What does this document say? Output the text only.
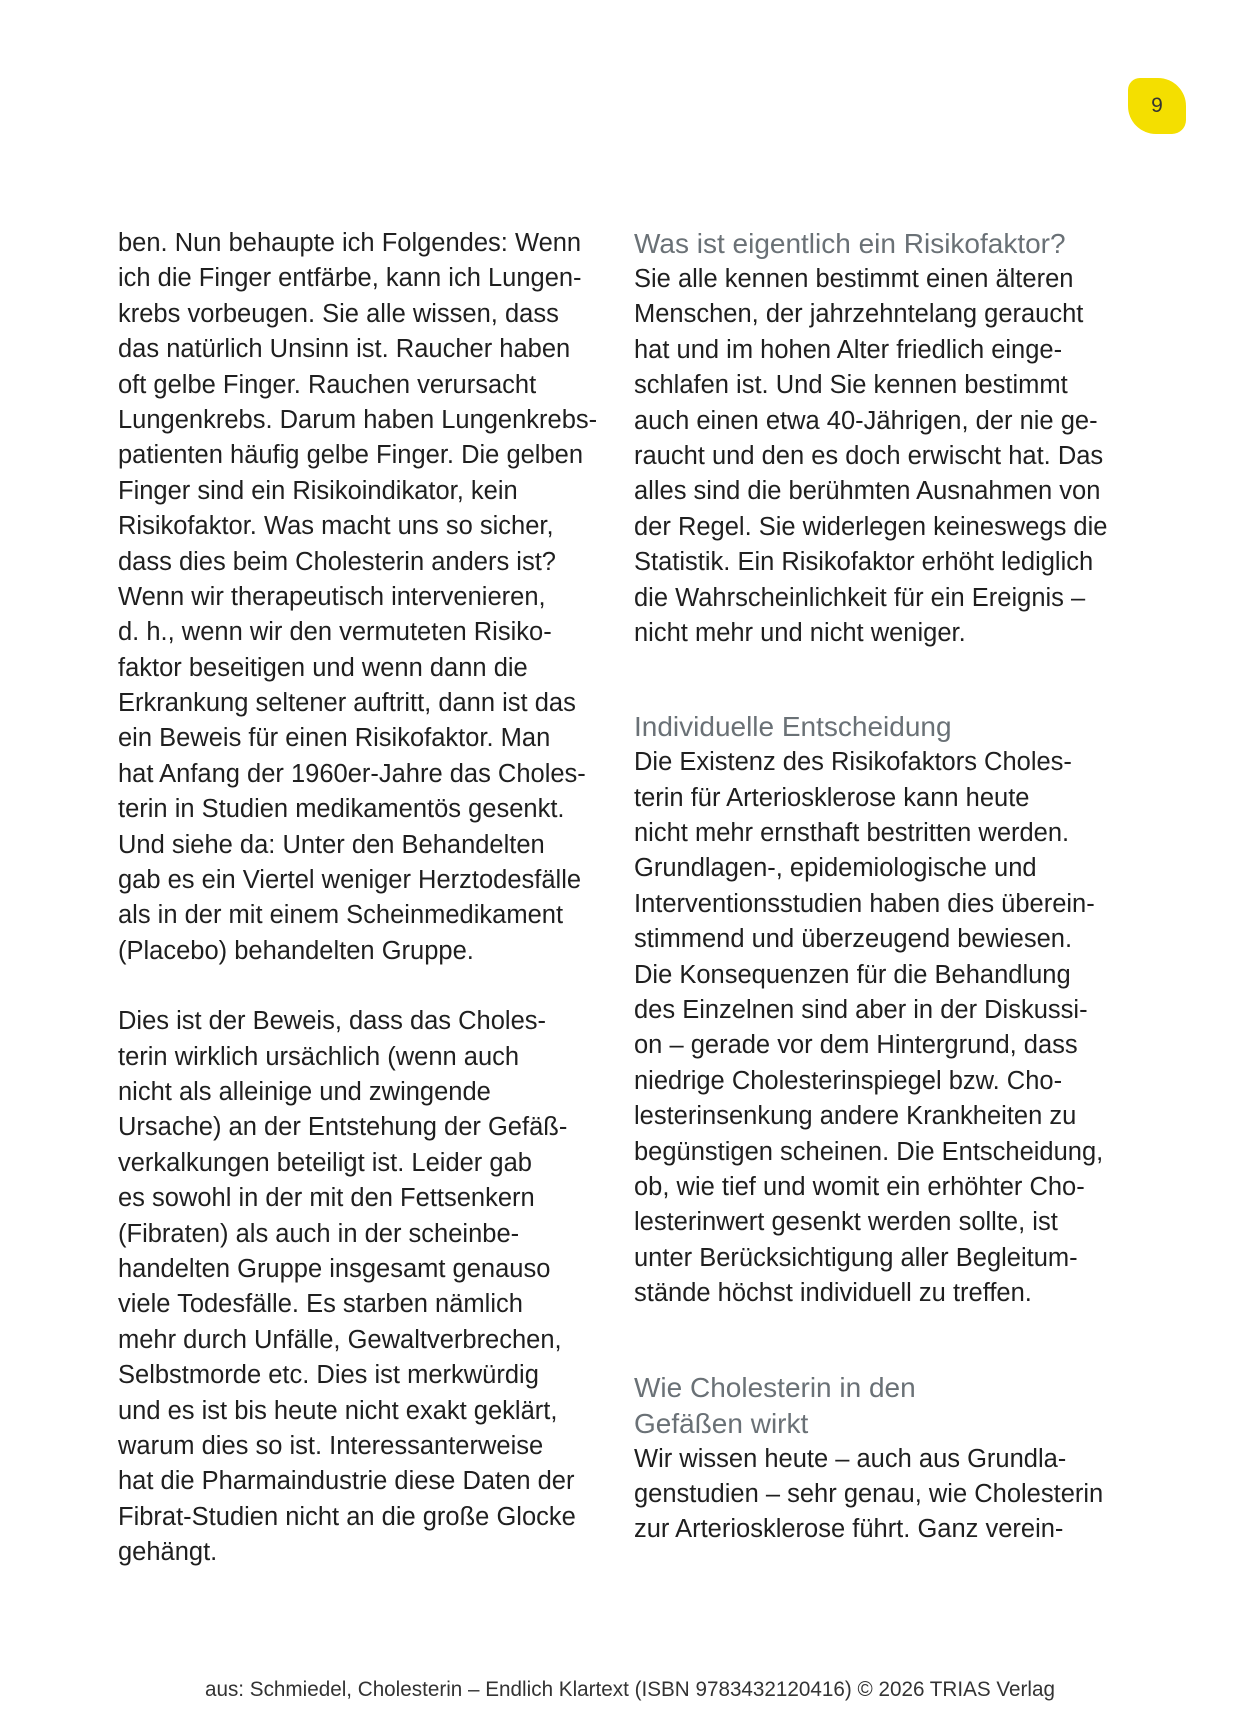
9
ben. Nun behaupte ich Folgendes: Wenn
ich die Finger entfärbe, kann ich Lungen-
krebs vorbeugen. Sie alle wissen, dass
das natürlich Unsinn ist. Raucher haben
oft gelbe Finger. Rauchen verursacht
Lungenkrebs. Darum haben Lungenkrebs-
patienten häufig gelbe Finger. Die gelben
Finger sind ein Risikoindikator, kein
Risikofaktor. Was macht uns so sicher,
dass dies beim Cholesterin anders ist?
Wenn wir therapeutisch intervenieren,
d. h., wenn wir den vermuteten Risiko-
faktor beseitigen und wenn dann die
Erkrankung seltener auftritt, dann ist das
ein Beweis für einen Risikofaktor. Man
hat Anfang der 1960er-Jahre das Choles-
terin in Studien medikamentös gesenkt.
Und siehe da: Unter den Behandelten
gab es ein Viertel weniger Herztodesfälle
als in der mit einem Scheinmedikament
(Placebo) behandelten Gruppe.
Dies ist der Beweis, dass das Choles-
terin wirklich ursächlich (wenn auch
nicht als alleinige und zwingende
Ursache) an der Entstehung der Gefäß-
verkalkungen beteiligt ist. Leider gab
es sowohl in der mit den Fettsenkern
(Fibraten) als auch in der scheinbe-
handelten Gruppe insgesamt genauso
viele Todesfälle. Es starben nämlich
mehr durch Unfälle, Gewaltverbrechen,
Selbstmorde etc. Dies ist merkwürdig
und es ist bis heute nicht exakt geklärt,
warum dies so ist. Interessanterweise
hat die Pharmaindustrie diese Daten der
Fibrat-Studien nicht an die große Glocke
gehängt.
Was ist eigentlich ein Risikofaktor?
Sie alle kennen bestimmt einen älteren
Menschen, der jahrzehntelang geraucht
hat und im hohen Alter friedlich einge-
schlafen ist. Und Sie kennen bestimmt
auch einen etwa 40-Jährigen, der nie ge-
raucht und den es doch erwischt hat. Das
alles sind die berühmten Ausnahmen von
der Regel. Sie widerlegen keineswegs die
Statistik. Ein Risikofaktor erhöht lediglich
die Wahrscheinlichkeit für ein Ereignis –
nicht mehr und nicht weniger.
Individuelle Entscheidung
Die Existenz des Risikofaktors Choles-
terin für Arteriosklerose kann heute
nicht mehr ernsthaft bestritten werden.
Grundlagen-, epidemiologische und
Interventionsstudien haben dies überein-
stimmend und überzeugend bewiesen.
Die Konsequenzen für die Behandlung
des Einzelnen sind aber in der Diskussi-
on – gerade vor dem Hintergrund, dass
niedrige Cholesterinspiegel bzw. Cho-
lesterinsenkung andere Krankheiten zu
begünstigen scheinen. Die Entscheidung,
ob, wie tief und womit ein erhöhter Cho-
lesterinwert gesenkt werden sollte, ist
unter Berücksichtigung aller Begleitum-
stände höchst individuell zu treffen.
Wie Cholesterin in den
Gefäßen wirkt
Wir wissen heute – auch aus Grundla-
genstudien – sehr genau, wie Cholesterin
zur Arteriosklerose führt. Ganz verein-
aus: Schmiedel, Cholesterin – Endlich Klartext (ISBN 9783432120416) © 2026 TRIAS Verlag
